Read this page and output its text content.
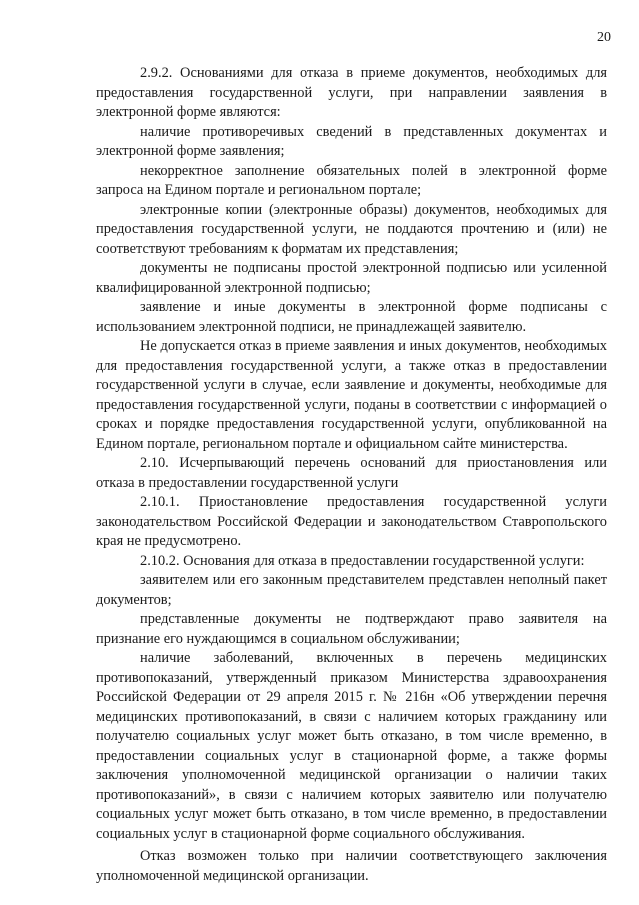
20

2.9.2. Основаниями для отказа в приеме документов, необходимых для предоставления государственной услуги, при направлении заявления в электронной форме являются:

наличие противоречивых сведений в представленных документах и электронной форме заявления;

некорректное заполнение обязательных полей в электронной форме запроса на Едином портале и региональном портале;

электронные копии (электронные образы) документов, необходимых для предоставления государственной услуги, не поддаются прочтению и (или) не соответствуют требованиям к форматам их представления;

документы не подписаны простой электронной подписью или усиленной квалифицированной электронной подписью;

заявление и иные документы в электронной форме подписаны с использованием электронной подписи, не принадлежащей заявителю.

Не допускается отказ в приеме заявления и иных документов, необходимых для предоставления государственной услуги, а также отказ в предоставлении государственной услуги в случае, если заявление и документы, необходимые для предоставления государственной услуги, поданы в соответствии с информацией о сроках и порядке предоставления государственной услуги, опубликованной на Едином портале, региональном портале и официальном сайте министерства.

2.10. Исчерпывающий перечень оснований для приостановления или отказа в предоставлении государственной услуги

2.10.1. Приостановление предоставления государственной услуги законодательством Российской Федерации и законодательством Ставропольского края не предусмотрено.

2.10.2. Основания для отказа в предоставлении государственной услуги:

заявителем или его законным представителем представлен неполный пакет документов;

представленные документы не подтверждают право заявителя на признание его нуждающимся в социальном обслуживании;

наличие заболеваний, включенных в перечень медицинских противопоказаний, утвержденный приказом Министерства здравоохранения Российской Федерации от 29 апреля 2015 г. № 216н «Об утверждении перечня медицинских противопоказаний, в связи с наличием которых гражданину или получателю социальных услуг может быть отказано, в том числе временно, в предоставлении социальных услуг в стационарной форме, а также формы заключения уполномоченной медицинской организации о наличии таких противопоказаний», в связи с наличием которых заявителю или получателю социальных услуг может быть отказано, в том числе временно, в предоставлении социальных услуг в стационарной форме социального обслуживания.

Отказ возможен только при наличии соответствующего заключения уполномоченной медицинской организации.
